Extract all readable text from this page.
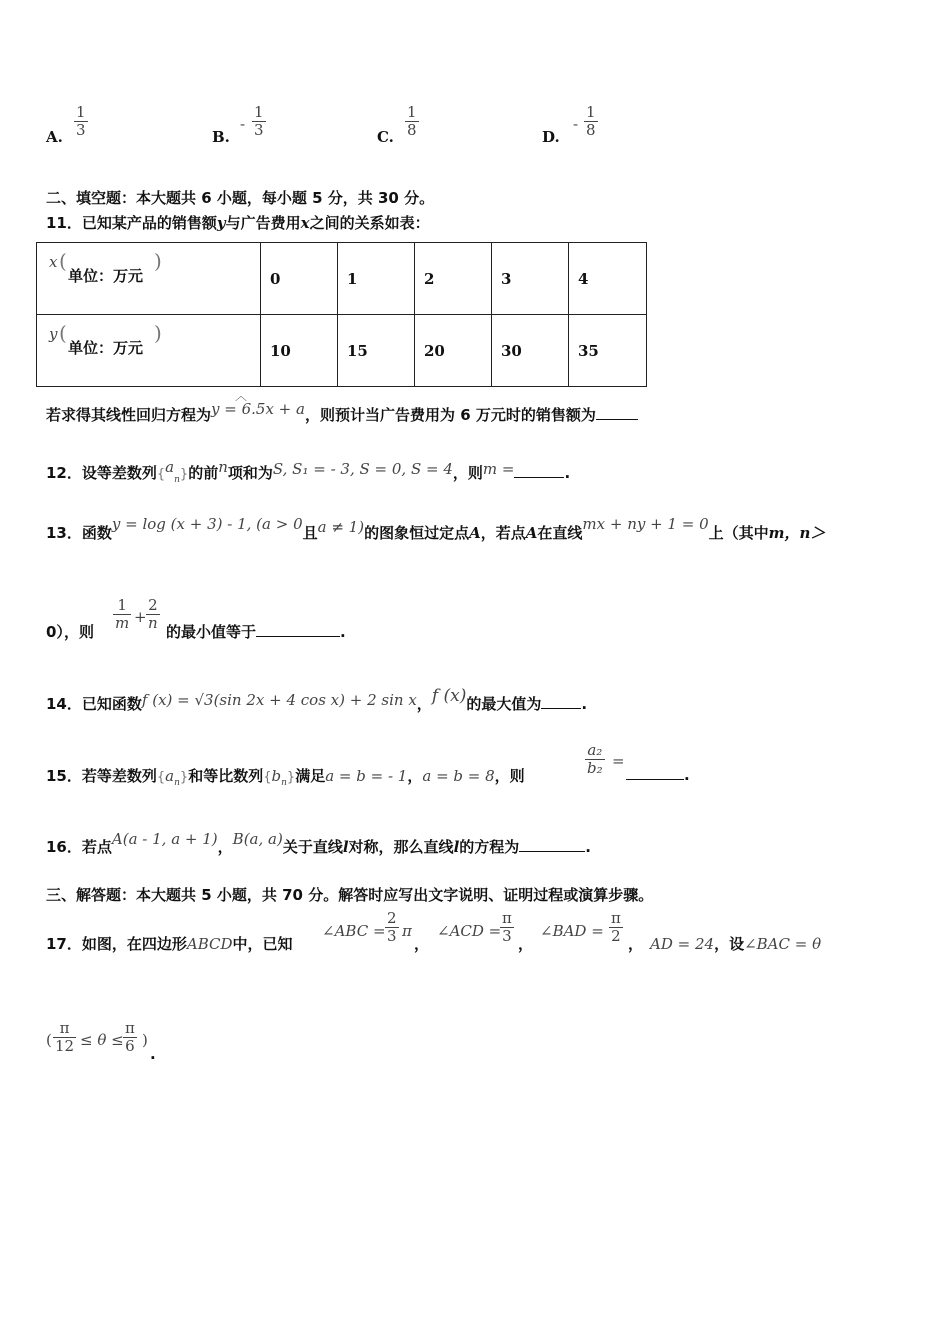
A. $\frac{1}{3}$	B.
- $\frac{1}{3}$	C. $\frac{1}{8}$	D.
- $\frac{1}{8}$
二、填空题：本大题共 6 小题，每小题 5 分，共 30 分。
11．已知某产品的销售额y与广告费用x之间的关系如表：
x (
单位：万元
)	0	1	2	3	4

y (
单位：万元
)	10	15	20	30	35
若求得其线性回归方程为y = 6.5x + a，则预计当广告费用为 6 万元时的销售额为
︿
12．设等差数列$\{a_n\}$的前n项和为S, S₁ = - 3, S = 0, S = 4，则m =	.
13．函数y = log (x + 3) - 1, (a > 0且a ≠ 1)的图象恒过定点A，若点A在直线mx + ny + 1 = 0上（其中m，n＞
0），则 $\frac{1}{m} + \frac{2}{n}$ 的最小值等于	.
14．已知函数f (x) = √3(sin 2x + 4 cos x) + 2 sin x，f (x)的最大值为	.
15．若等差数列$\{a_n\}$和等比数列$\{b_n\}$满足a = b = - 1，a = b = 8，则	$\frac{\text{a₂}}{\text{b₂}}$ =
.
16．若点A(a - 1, a + 1)，B(a, a)关于直线l对称，那么直线l的方程为	.
三、解答题：本大题共 5 小题，共 70 分。解答时应写出文字说明、证明过程或演算步骤。
17．如图，在四边形ABCD中，已知
∠ABC = $\frac{2}{3}$ π
，
∠ACD =
$\frac{\pi}{3}$ ，
∠BAD = $\frac{\pi}{2}$ ， AD = 24，设∠BAC = θ
( $\frac{\pi}{12} \le \theta \le \frac{\pi}{6}$ )
.
